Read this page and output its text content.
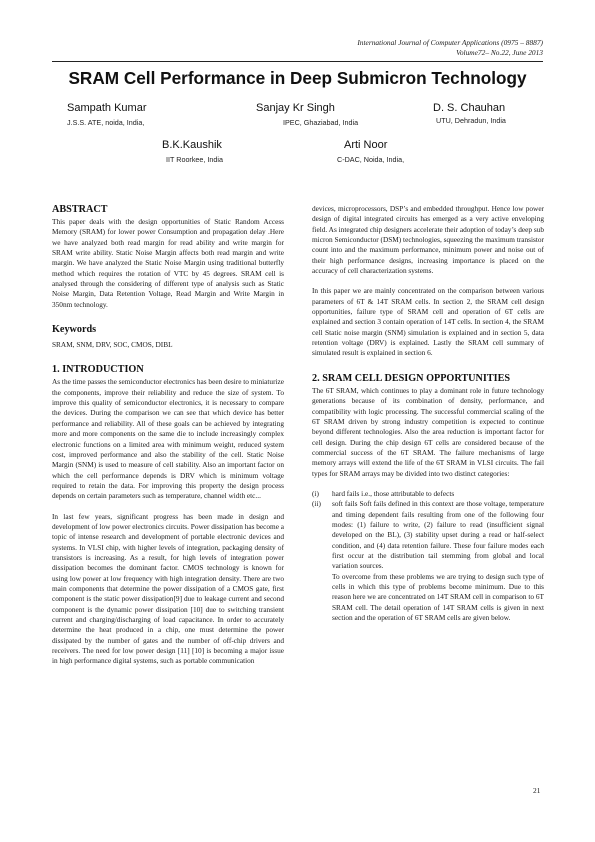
International Journal of Computer Applications (0975 – 8887)
Volume72– No.22, June 2013
SRAM Cell Performance in Deep Submicron Technology
Sampath Kumar
J.S.S. ATE, noida, India,
Sanjay Kr Singh
IPEC, Ghaziabad, India
D. S. Chauhan
UTU, Dehradun, India
B.K.Kaushik
IIT Roorkee, India
Arti Noor
C-DAC, Noida, India,
ABSTRACT

This paper deals with the design opportunities of Static Random Access Memory (SRAM) for lower power Consumption and propagation delay .Here we have analyzed both read margin for read ability and write margin for SRAM write ability. Static Noise Margin affects both read margin and write margin. We have analyzed the Static Noise Margin using traditional butterfly method which requires the rotation of VTC by 45 degrees. SRAM cell is analysed through the considering of different type of analysis such as Static Noise Margin, Data Retention Voltage, Read Margin and Write Margin in 350nm technology.

Keywords

SRAM, SNM, DRV, SOC, CMOS, DIBL

1. INTRODUCTION

As the time passes the semiconductor electronics has been desire to miniaturize the components, improve their reliability and reduce the size of system. To improve this quality of semiconductor electronics, it is necessary to compare the devices. During the comparison we can see that which device has better performance and reliability. All of these goals can be achieved by integrating more and more components on the same die to include increasingly complex electronic functions on a limited area with minimum weight, reduced system cost, improved performance and also the stability of the cell. Static Noise Margin (SNM) is used to measure of cell stability. Also an important factor on which the cell performance depends is DRV which is minimum voltage required to retain the data. For improving this property the design process depends on certain parameters such as temperature, channel width etc...

In last few years, significant progress has been made in design and development of low power electronics circuits. Power dissipation has become a topic of intense research and development of portable electronic devices and systems. In VLSI chip, with higher levels of integration, packaging density of transistors is increasing. As a result, for high levels of integration power dissipation becomes the dominant factor. CMOS technology is known for using low power at low frequency with high integration density. There are two main components that determine the power dissipation of a CMOS gate, first component is the static power dissipation[9] due to leakage current and second component is the dynamic power dissipation [10] due to switching transient current and charging/discharging of load capacitance. In order to accurately determine the heat produced in a chip, one must determine the power dissipated by the number of gates and the number of off-chip drivers and receivers. The need for low power design [11] [10] is becoming a major issue in high performance digital systems, such as portable communication

devices, microprocessors, DSP’s and embedded throughput. Hence low power design of digital integrated circuits has emerged as a very active enveloping field. As integrated chip designers accelerate their adoption of today’s deep sub micron Semiconductor (DSM) technologies, squeezing the maximum transistor count into and the maximum performance, minimum power and noise out of their high performance designs, increasing importance is placed on the accuracy of cell characterization systems.

In this paper we are mainly concentrated on the comparison between various parameters of 6T & 14T SRAM cells. In section 2, the SRAM cell design opportunities, failure type of SRAM cell and operation of 6T cells are explained and section 3 contain operation of 14T cells. In section 4, the SRAM cell Static noise margin (SNM) simulation is explained and in section 5, data retention voltage (DRV) is explained. Lastly the SRAM cell summary of simulated result is explained in section 6.

2. SRAM CELL DESIGN OPPORTUNITIES

The 6T SRAM, which continues to play a dominant role in future technology generations because of its combination of density, performance, and compatibility with logic processing. The successful commercial scaling of the 6T SRAM driven by strong industry competition is expected to continue beyond different technologies. Also the area reduction is important factor for cell design. During the chip design 6T cells are considered because of the commercial success of the 6T SRAM. The failure mechanisms of large memory arrays will extend the life of the 6T SRAM in VLSI circuits. The fail types for SRAM arrays may be divided into two distinct categories:

(i)	hard fails i.e., those attributable to defects
(ii)	soft fails Soft fails defined in this context are those voltage, temperature and timing dependent fails resulting from one of the following four modes: (1) failure to write, (2) failure to read (insufficient signal developed on the BL), (3) stability upset during a read or half-select condition, and (4) data retention failure. These four failure modes each first occur at the distribution tail stemming from global and local variation sources.
To overcome from these problems we are trying to design such type of cells in which this type of problems become minimum. Due to this reason here we are concentrated on 14T SRAM cell in comparison to 6T SRAM cell. The detail operation of 14T SRAM cells is given in next section and the operation of 6T SRAM cells are given below.
21
